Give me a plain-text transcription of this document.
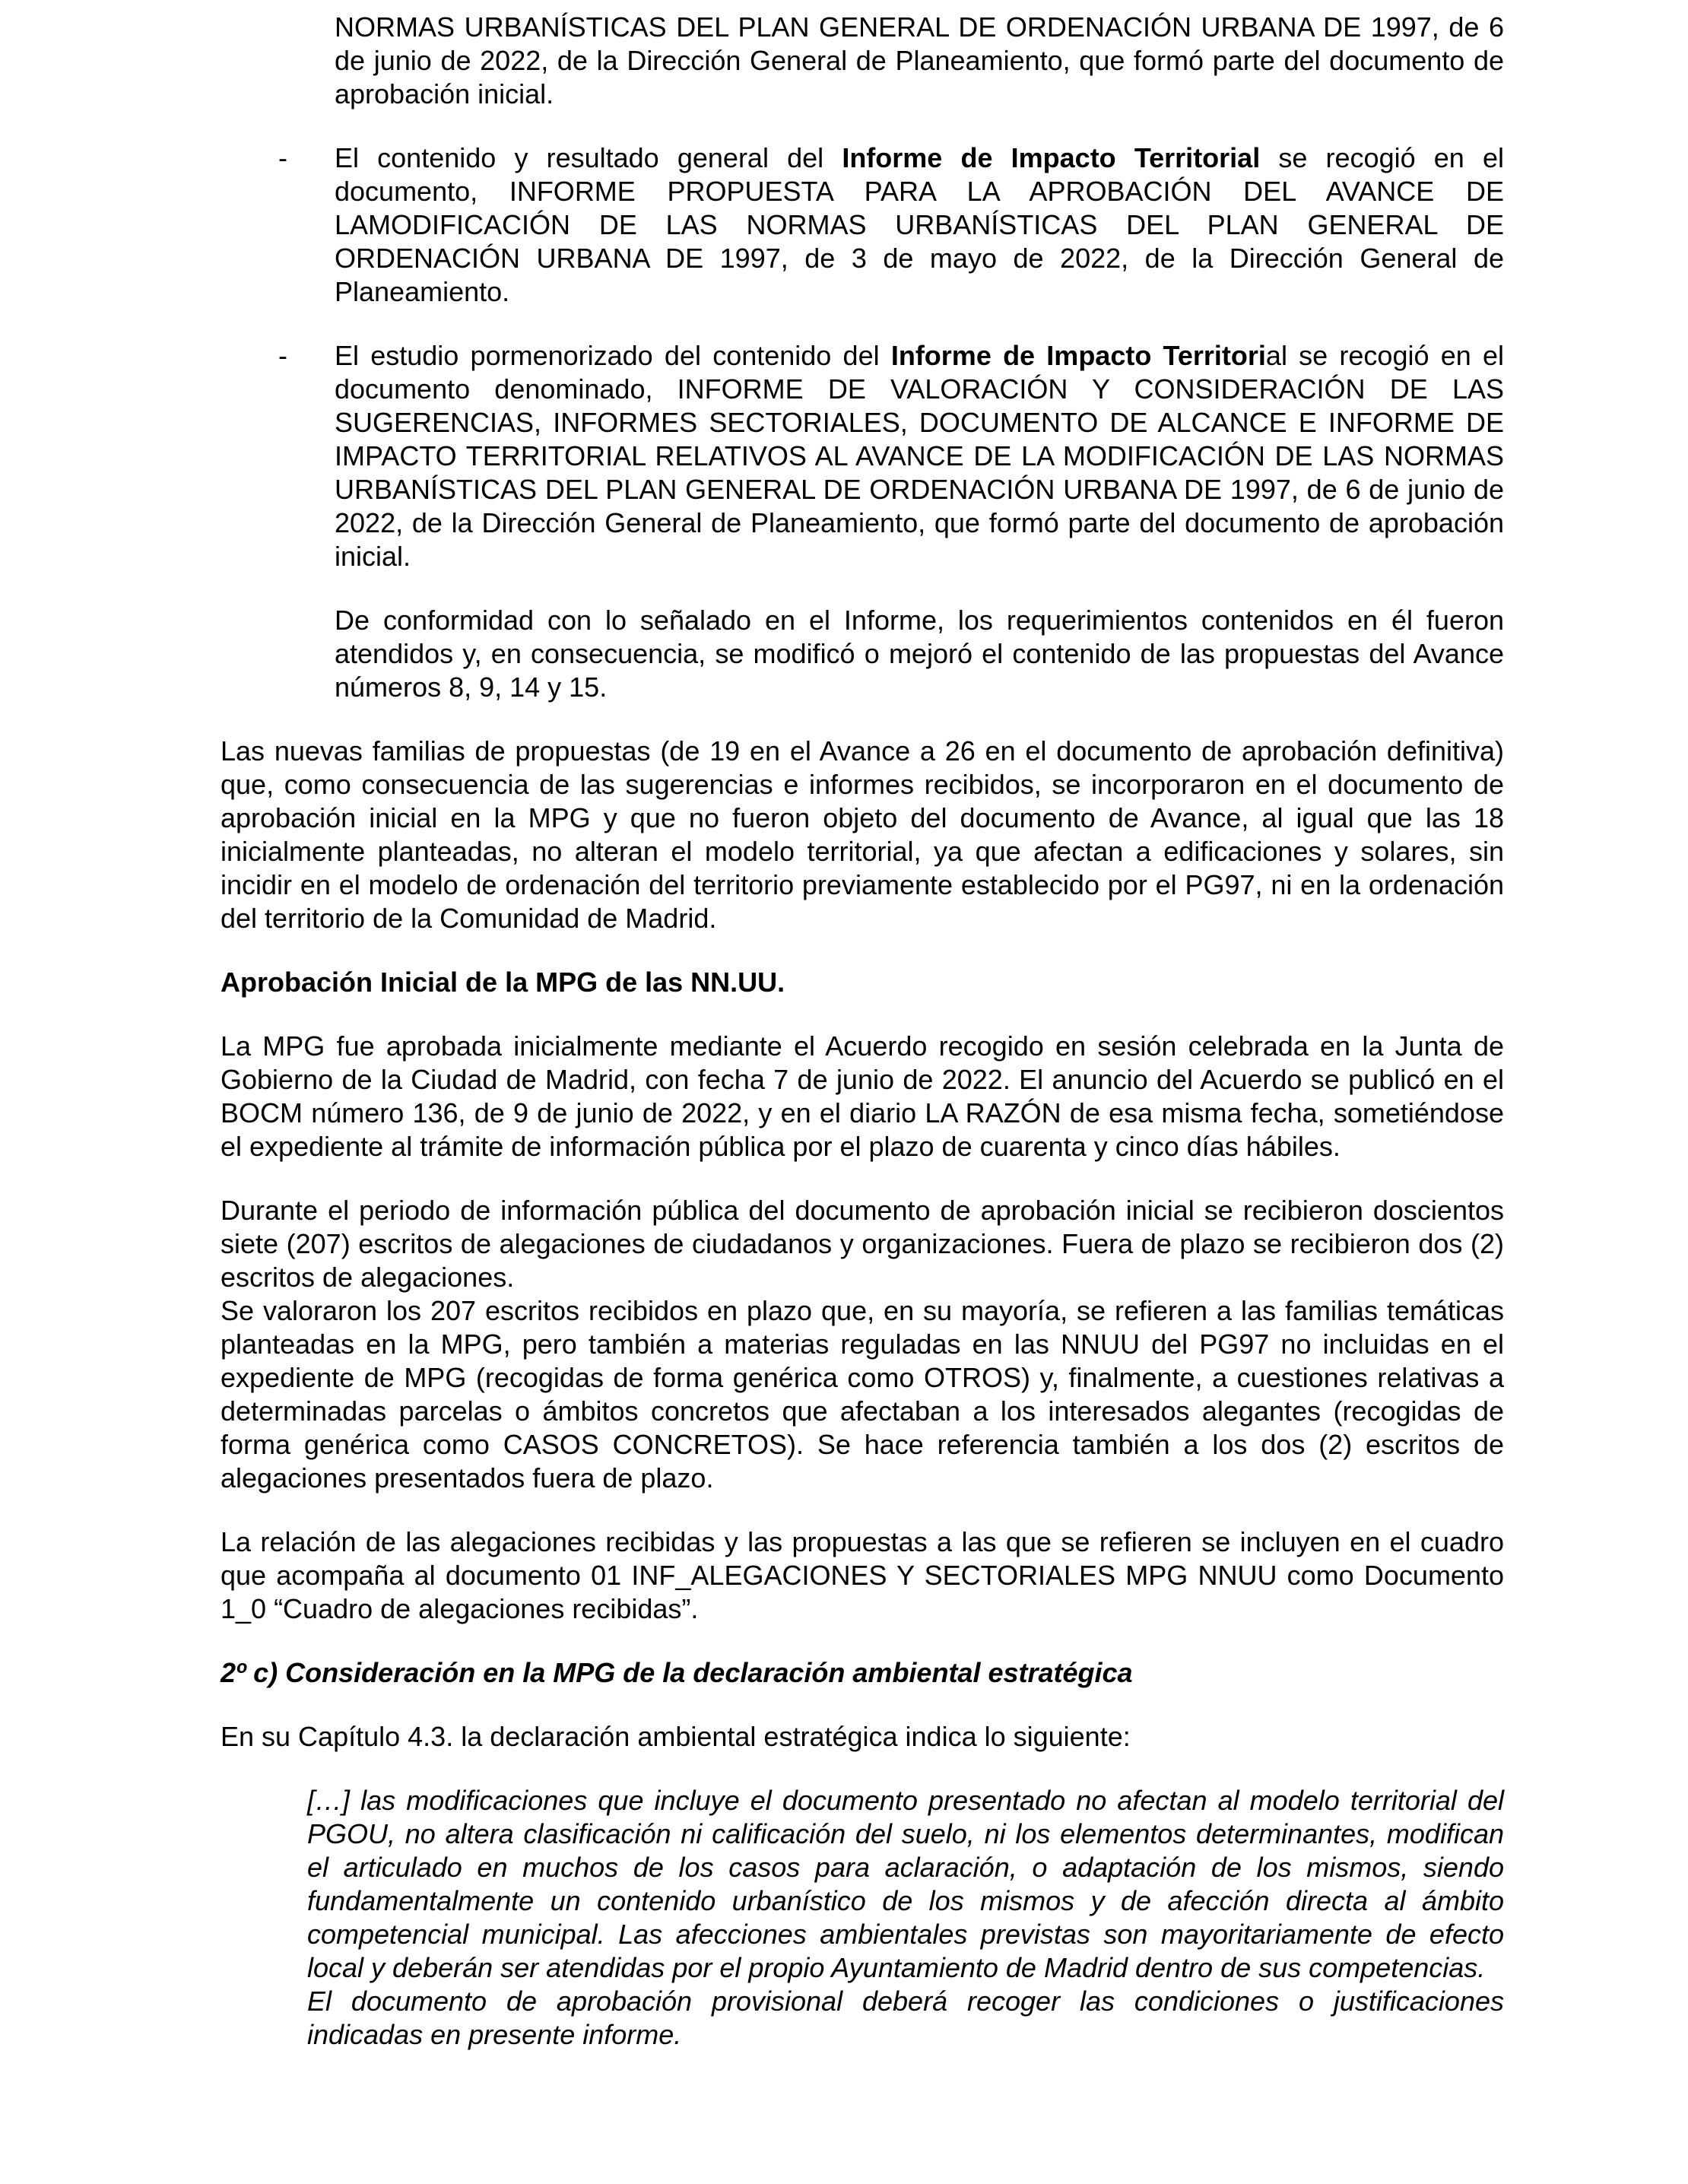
NORMAS URBANÍSTICAS DEL PLAN GENERAL DE ORDENACIÓN URBANA DE 1997, de 6 de junio de 2022, de la Dirección General de Planeamiento, que formó parte del documento de aprobación inicial.

-	El contenido y resultado general del Informe de Impacto Territorial se recogió en el documento, INFORME PROPUESTA PARA LA APROBACIÓN DEL AVANCE DE LAMODIFICACIÓN DE LAS NORMAS URBANÍSTICAS DEL PLAN GENERAL DE ORDENACIÓN URBANA DE 1997, de 3 de mayo de 2022, de la Dirección General de Planeamiento.
-	El estudio pormenorizado del contenido del Informe de Impacto Territorial se recogió en el documento denominado, INFORME DE VALORACIÓN Y CONSIDERACIÓN DE LAS SUGERENCIAS, INFORMES SECTORIALES, DOCUMENTO DE ALCANCE E INFORME DE IMPACTO TERRITORIAL RELATIVOS AL AVANCE DE LA MODIFICACIÓN DE LAS NORMAS URBANÍSTICAS DEL PLAN GENERAL DE ORDENACIÓN URBANA DE 1997, de 6 de junio de 2022, de la Dirección General de Planeamiento, que formó parte del documento de aprobación inicial.

De conformidad con lo señalado en el Informe, los requerimientos contenidos en él fueron atendidos y, en consecuencia, se modificó o mejoró el contenido de las propuestas del Avance números 8, 9, 14 y 15.

Las nuevas familias de propuestas (de 19 en el Avance a 26 en el documento de aprobación definitiva) que, como consecuencia de las sugerencias e informes recibidos, se incorporaron en el documento de aprobación inicial en la MPG y que no fueron objeto del documento de Avance, al igual que las 18 inicialmente planteadas, no alteran el modelo territorial, ya que afectan a edificaciones y solares, sin incidir en el modelo de ordenación del territorio previamente establecido por el PG97, ni en la ordenación del territorio de la Comunidad de Madrid.

Aprobación Inicial de la MPG de las NN.UU.

La MPG fue aprobada inicialmente mediante el Acuerdo recogido en sesión celebrada en la Junta de Gobierno de la Ciudad de Madrid, con fecha 7 de junio de 2022. El anuncio del Acuerdo se publicó en el BOCM número 136, de 9 de junio de 2022, y en el diario LA RAZÓN de esa misma fecha, sometiéndose el expediente al trámite de información pública por el plazo de cuarenta y cinco días hábiles.

Durante el periodo de información pública del documento de aprobación inicial se recibieron doscientos siete (207) escritos de alegaciones de ciudadanos y organizaciones. Fuera de plazo se recibieron dos (2) escritos de alegaciones.

Se valoraron los 207 escritos recibidos en plazo que, en su mayoría, se refieren a las familias temáticas planteadas en la MPG, pero también a materias reguladas en las NNUU del PG97 no incluidas en el expediente de MPG (recogidas de forma genérica como OTROS) y, finalmente, a cuestiones relativas a determinadas parcelas o ámbitos concretos que afectaban a los interesados alegantes (recogidas de forma genérica como CASOS CONCRETOS). Se hace referencia también a los dos (2) escritos de alegaciones presentados fuera de plazo.

La relación de las alegaciones recibidas y las propuestas a las que se refieren se incluyen en el cuadro que acompaña al documento 01 INF_ALEGACIONES Y SECTORIALES MPG NNUU como Documento 1_0 “Cuadro de alegaciones recibidas”.

2º c) Consideración en la MPG de la declaración ambiental estratégica

En su Capítulo 4.3. la declaración ambiental estratégica indica lo siguiente:

[…] las modificaciones que incluye el documento presentado no afectan al modelo territorial del PGOU, no altera clasificación ni calificación del suelo, ni los elementos determinantes, modifican el articulado en muchos de los casos para aclaración, o adaptación de los mismos, siendo fundamentalmente un contenido urbanístico de los mismos y de afección directa al ámbito competencial municipal. Las afecciones ambientales previstas son mayoritariamente de efecto local y deberán ser atendidas por el propio Ayuntamiento de Madrid dentro de sus competencias.

El documento de aprobación provisional deberá recoger las condiciones o justificaciones indicadas en presente informe.
